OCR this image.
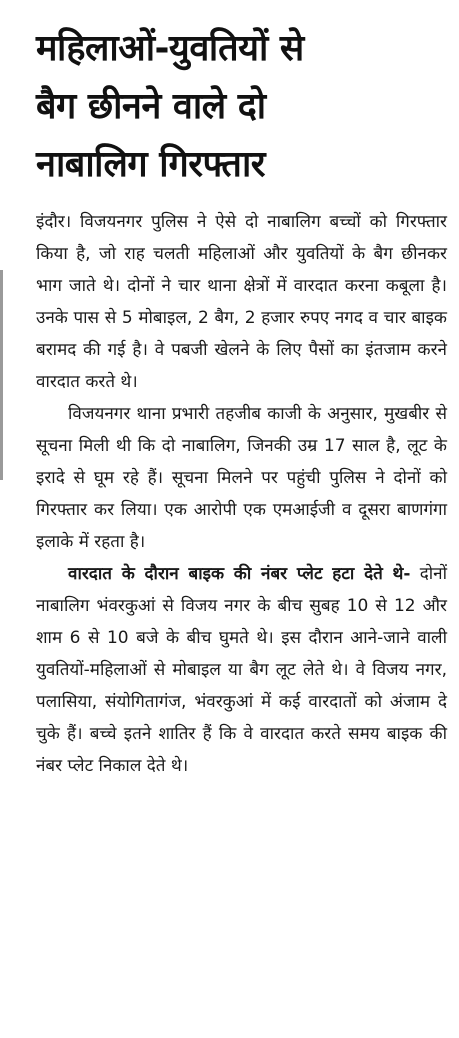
महिलाओं-युवतियों से
बैग छीनने वाले दो
नाबालिग गिरफ्तार

इंदौर। विजयनगर पुलिस ने ऐसे दो नाबालिग बच्चों को गिरफ्तार किया है, जो राह चलती महिलाओं और युवतियों के बैग छीनकर भाग जाते थे। दोनों ने चार थाना क्षेत्रों में वारदात करना कबूला है। उनके पास से 5 मोबाइल, 2 बैग, 2 हजार रुपए नगद व चार बाइक बरामद की गई है। वे पबजी खेलने के लिए पैसों का इंतजाम करने वारदात करते थे।

विजयनगर थाना प्रभारी तहजीब काजी के अनुसार, मुखबीर से सूचना मिली थी कि दो नाबालिग, जिनकी उम्र 17 साल है, लूट के इरादे से घूम रहे हैं। सूचना मिलने पर पहुंची पुलिस ने दोनों को गिरफ्तार कर लिया। एक आरोपी एक एमआईजी व दूसरा बाणगंगा इलाके में रहता है।

वारदात के दौरान बाइक की नंबर प्लेट हटा देते थे- दोनों नाबालिग भंवरकुआं से विजय नगर के बीच सुबह 10 से 12 और शाम 6 से 10 बजे के बीच घुमते थे। इस दौरान आने-जाने वाली युवतियों-महिलाओं से मोबाइल या बैग लूट लेते थे। वे विजय नगर, पलासिया, संयोगितागंज, भंवरकुआं में कई वारदातों को अंजाम दे चुके हैं। बच्चे इतने शातिर हैं कि वे वारदात करते समय बाइक की नंबर प्लेट निकाल देते थे।
